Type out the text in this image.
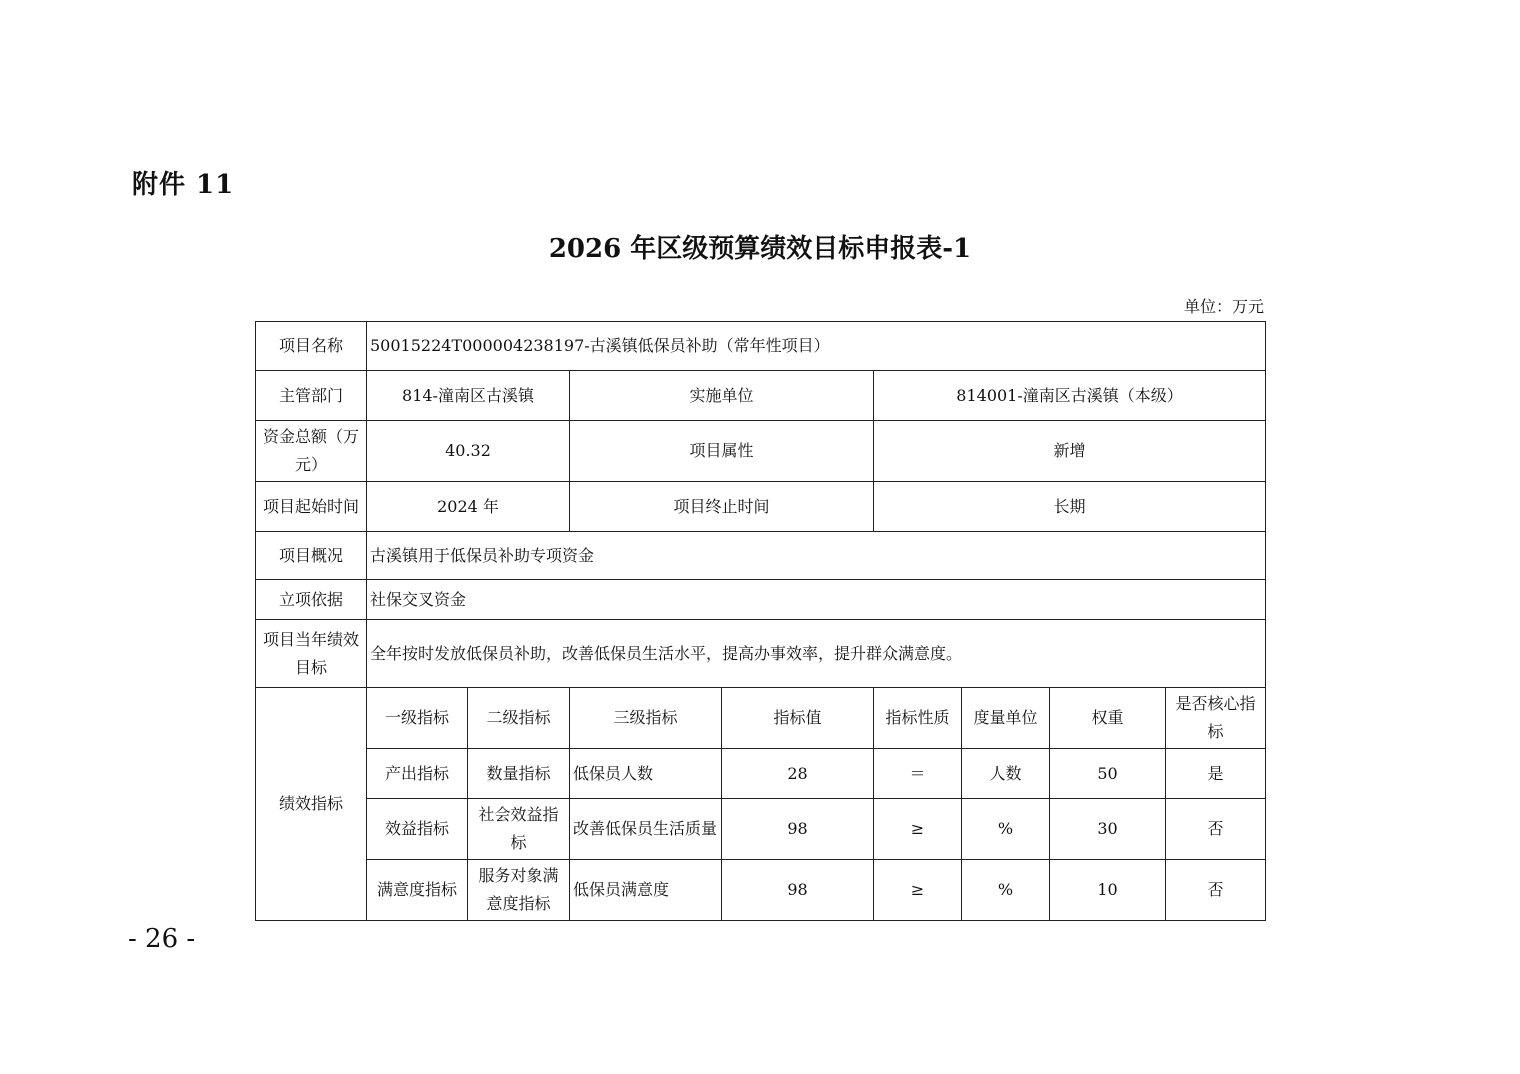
附件 11
2026 年区级预算绩效目标申报表-1
单位：万元
项目名称	50015224T000004238197-古溪镇低保员补助（常年性项目）							
主管部门	814-潼南区古溪镇		实施单位		814001-潼南区古溪镇（本级）			
资金总额（万元）	40.32		项目属性		新增			
项目起始时间	2024 年		项目终止时间		长期			
项目概况	古溪镇用于低保员补助专项资金							
立项依据	社保交叉资金							
项目当年绩效目标	全年按时发放低保员补助，改善低保员生活水平，提高办事效率，提升群众满意度。							
绩效指标	一级指标	二级指标	三级指标	指标值	指标性质	度量单位	权重	是否核心指标
	产出指标	数量指标	低保员人数	28	＝	人数	50	是
	效益指标	社会效益指标	改善低保员生活质量	98	≥	%	30	否
	满意度指标	服务对象满意度指标	低保员满意度	98	≥	%	10	否
- 26 -
